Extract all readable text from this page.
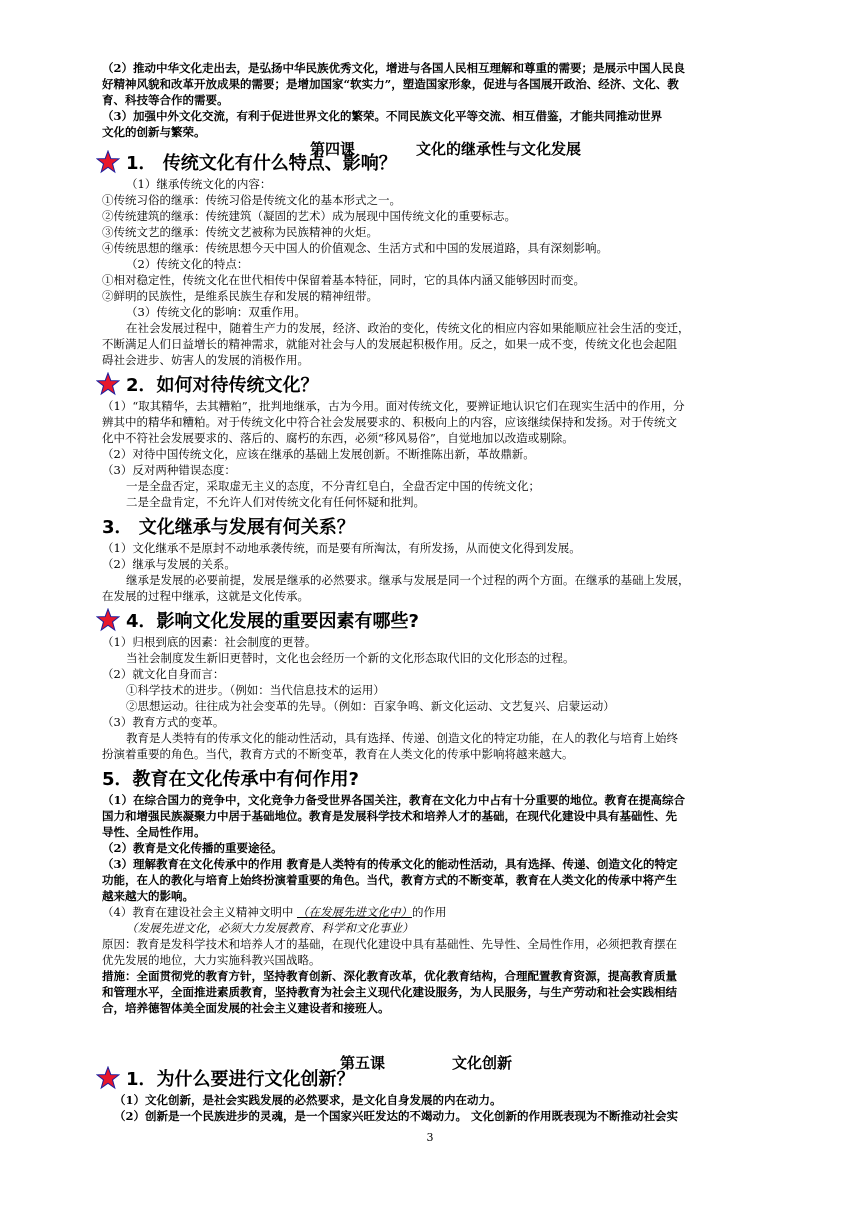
（2）推动中华文化走出去，是弘扬中华民族优秀文化，增进与各国人民相互理解和尊重的需要；是展示中国人民良
好精神风貌和改革开放成果的需要；是增加国家“软实力”，塑造国家形象，促进与各国展开政治、经济、文化、教
育、科技等合作的需要。
（3）加强中外文化交流，有利于促进世界文化的繁荣。不同民族文化平等交流、相互借鉴，才能共同推动世界
文化的创新与繁荣。
第四课	文化的继承性与文化发展
1． 传统文化有什么特点、影响？
（1）继承传统文化的内容：
①传统习俗的继承：传统习俗是传统文化的基本形式之一。
②传统建筑的继承：传统建筑（凝固的艺术）成为展现中国传统文化的重要标志。
③传统文艺的继承：传统文艺被称为民族精神的火炬。
④传统思想的继承：传统思想今天中国人的价值观念、生活方式和中国的发展道路，具有深刻影响。
（2）传统文化的特点：
①相对稳定性，传统文化在世代相传中保留着基本特征，同时，它的具体内涵又能够因时而变。
②鲜明的民族性，是维系民族生存和发展的精神纽带。
（3）传统文化的影响：双重作用。
在社会发展过程中，随着生产力的发展，经济、政治的变化，传统文化的相应内容如果能顺应社会生活的变迁，
不断满足人们日益增长的精神需求，就能对社会与人的发展起积极作用。反之，如果一成不变，传统文化也会起阻
碍社会进步、妨害人的发展的消极作用。
2．如何对待传统文化？
（1）“取其精华，去其糟粕”，批判地继承，古为今用。面对传统文化，要辨证地认识它们在现实生活中的作用，分
辨其中的精华和糟粕。对于传统文化中符合社会发展要求的、积极向上的内容，应该继续保持和发扬。对于传统文
化中不符社会发展要求的、落后的、腐朽的东西，必须“移风易俗”，自觉地加以改造或剔除。
（2）对待中国传统文化，应该在继承的基础上发展创新。不断推陈出新，革故鼎新。
（3）反对两种错误态度：
一是全盘否定，采取虚无主义的态度，不分青红皂白，全盘否定中国的传统文化；
二是全盘肯定，不允许人们对传统文化有任何怀疑和批判。
3． 文化继承与发展有何关系？
（1）文化继承不是原封不动地承袭传统，而是要有所淘汰，有所发扬，从而使文化得到发展。
（2）继承与发展的关系。
继承是发展的必要前提，发展是继承的必然要求。继承与发展是同一个过程的两个方面。在继承的基础上发展，
在发展的过程中继承，这就是文化传承。
4．影响文化发展的重要因素有哪些?
（1）归根到底的因素：社会制度的更替。
当社会制度发生新旧更替时，文化也会经历一个新的文化形态取代旧的文化形态的过程。
（2）就文化自身而言：
①科学技术的进步。（例如：当代信息技术的运用）
②思想运动。往往成为社会变革的先导。（例如：百家争鸣、新文化运动、文艺复兴、启蒙运动）
（3）教育方式的变革。
教育是人类特有的传承文化的能动性活动，具有选择、传递、创造文化的特定功能，在人的教化与培育上始终
扮演着重要的角色。当代，教育方式的不断变革，教育在人类文化的传承中影响将越来越大。
5．教育在文化传承中有何作用?
（1）在综合国力的竞争中，文化竞争力备受世界各国关注，教育在文化力中占有十分重要的地位。教育在提高综合
国力和增强民族凝聚力中居于基础地位。教育是发展科学技术和培养人才的基础，在现代化建设中具有基础性、先
导性、全局性作用。
（2）教育是文化传播的重要途径。
（3）理解教育在文化传承中的作用 教育是人类特有的传承文化的能动性活动，具有选择、传递、创造文化的特定
功能，在人的教化与培育上始终扮演着重要的角色。当代，教育方式的不断变革，教育在人类文化的传承中将产生
越来越大的影响。
（4）教育在建设社会主义精神文明中 （在发展先进文化中）的作用
（发展先进文化，必须大力发展教育、科学和文化事业）
原因：教育是发科学技术和培养人才的基础，在现代化建设中具有基础性、先导性、全局性作用，必须把教育摆在
优先发展的地位，大力实施科教兴国战略。
措施：全面贯彻党的教育方针，坚持教育创新、深化教育改革，优化教育结构，合理配置教育资源，提高教育质量
和管理水平，全面推进素质教育，坚持教育为社会主义现代化建设服务，为人民服务，与生产劳动和社会实践相结
合，培养德智体美全面发展的社会主义建设者和接班人。
第五课	文化创新
1．为什么要进行文化创新？
（1）文化创新，是社会实践发展的必然要求，是文化自身发展的内在动力。
（2）创新是一个民族进步的灵魂，是一个国家兴旺发达的不竭动力。 文化创新的作用既表现为不断推动社会实
3
